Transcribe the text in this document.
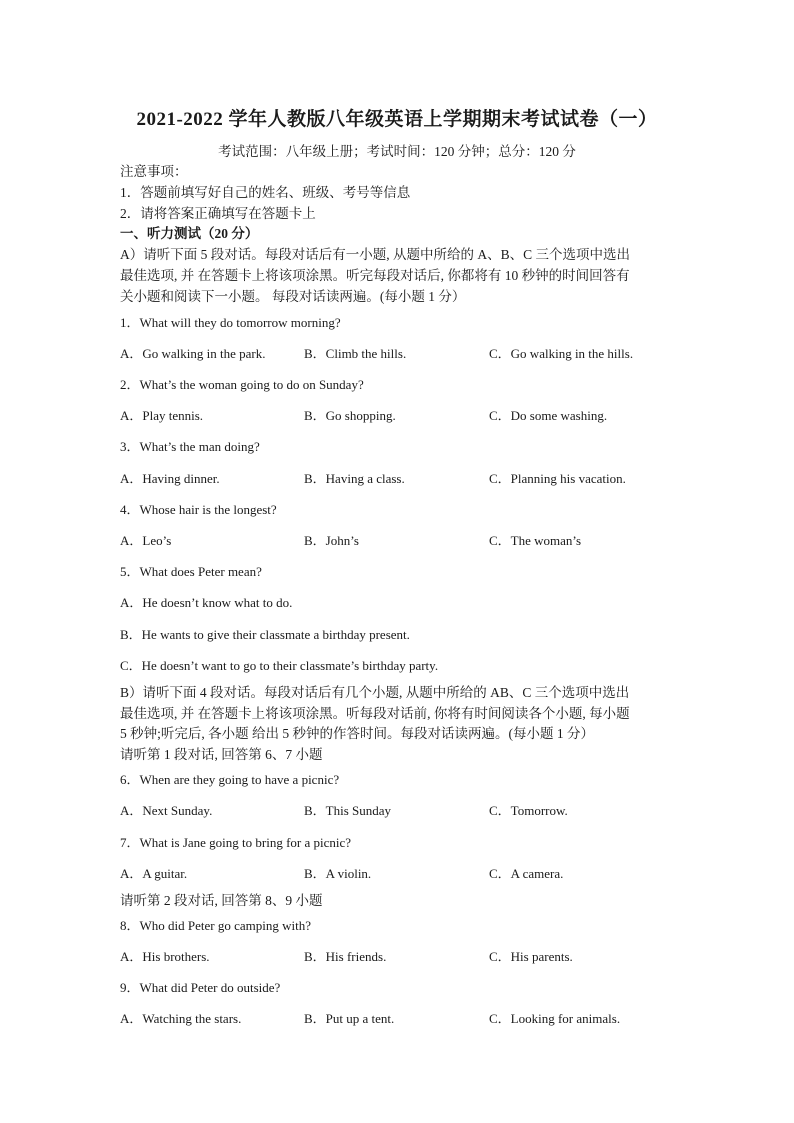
2021-2022 学年人教版八年级英语上学期期末考试试卷（一）
考试范围：八年级上册；考试时间：120 分钟；总分：120 分
注意事项：
1．答题前填写好自己的姓名、班级、考号等信息
2．请将答案正确填写在答题卡上
一、听力测试（20 分）
A）请听下面 5 段对话。每段对话后有一小题, 从题中所给的 A、B、C 三个选项中选出
最佳选项, 并 在答题卡上将该项涂黑。听完每段对话后, 你都将有 10 秒钟的时间回答有
关小题和阅读下一小题。 每段对话读两遍。(每小题 1 分）
1．What will they do tomorrow morning?
A．Go walking in the park.	B．Climb the hills.	C．Go walking in the hills.
2．What’s the woman going to do on Sunday?
A．Play tennis.	B．Go shopping.	C．Do some washing.
3．What’s the man doing?
A．Having dinner.	B．Having a class.	C．Planning his vacation.
4．Whose hair is the longest?
A．Leo’s	B．John’s	C．The woman’s
5．What does Peter mean?
A．He doesn’t know what to do.
B．He wants to give their classmate a birthday present.
C．He doesn’t want to go to their classmate’s birthday party.
B）请听下面 4 段对话。每段对话后有几个小题, 从题中所给的 AB、C 三个选项中选出
最佳选项, 并 在答题卡上将该项涂黑。听每段对话前, 你将有时间阅读各个小题, 每小题
5 秒钟;听完后, 各小题 给出 5 秒钟的作答时间。每段对话读两遍。(每小题 1 分）
请听第 1 段对话, 回答第 6、7 小题
6．When are they going to have a picnic?
A．Next Sunday.	B．This Sunday	C．Tomorrow.
7．What is Jane going to bring for a picnic?
A．A guitar.	B．A violin.	C．A camera.
请听第 2 段对话, 回答第 8、9 小题
8．Who did Peter go camping with?
A．His brothers.	B．His friends.	C．His parents.
9．What did Peter do outside?
A．Watching the stars.	B．Put up a tent.	C．Looking for animals.
